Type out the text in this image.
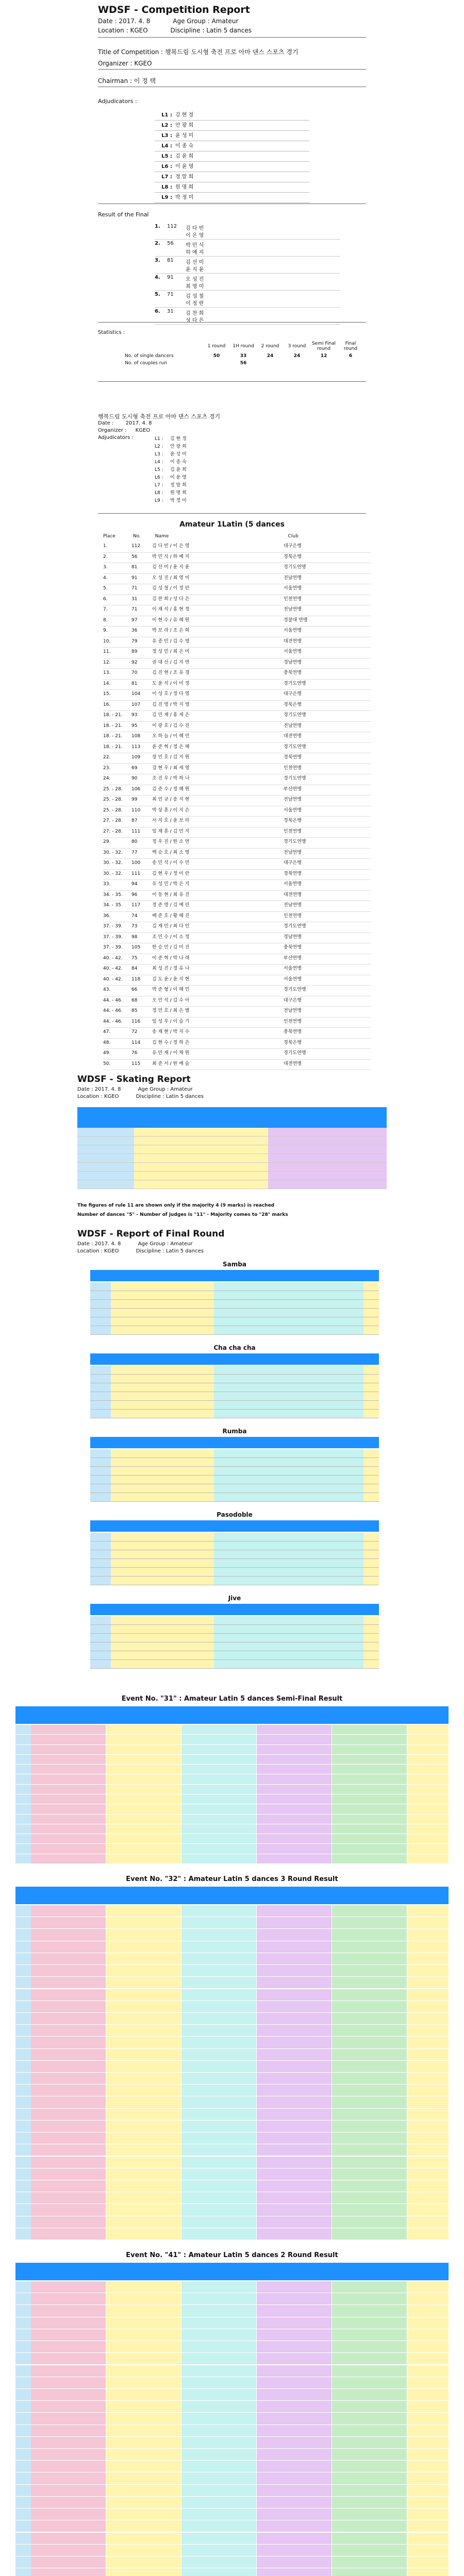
WDSF - Competition Report
Date : 2017. 4. 8	Age Group : Amateur
Location : KGEO	Discipline : Latin 5 dances
Title of Competition : 행복드림 도시형 축전 프로 아마 댄스 스포츠 경기
Organizer : KGEO
Chairman : 이 정 택
Adjudicators :
L1 : 김 현 정
L2 : 안 광 희
L3 : 윤 성 미
L4 : 이 종 숙
L5 : 김 윤 희
L6 : 이 윤 영
L7 : 정 말 희
L8 : 원 명 희
L9 : 박 정 미
Result of the Final
1.	112 김 다 빈
이 은 영
2.	56 박 민 식
하 예 지
3.	81 김 선 미
윤 지 윤
4.	91 오 성 진
최 영 미
5.	71 김 성 철
이 정 란
6.	31 김 찬 희
성 다 은
Statistics :
	1 round	1H round	2 round	3 round	Semi Final round	Final round
No. of single dancers	50	33	24	24	12	6
No. of couples run		56				
행복드림 도시형 축전 프로 아마 댄스 스포츠 경기
Date : 2017. 4. 8
Organizer : KGEO
Adjudicators :	L1 : 김 현 정
L2 : 안 광 희
L3 : 윤 성 미
L4 : 이 종 숙
L5 : 김 윤 희
L6 : 이 윤 영
L7 : 정 말 희
L8 : 원 명 희
L9 : 박 정 미
Amateur 1Latin (5 dances
Place	No.	Name	Club
1.	112	김 다 빈 / 이 은 영	대구은행
2.	56	박 민 식 / 하 예 지	경북은행
3.	81	김 선 미 / 윤 지 윤	경기도연맹
4.	91	오 성 진 / 최 영 미	전남연맹
5.	71	김 성 철 / 이 정 란	서울연맹
6.	31	김 찬 희 / 성 다 은	인천연맹
7.	71	이 재 석 / 홍 현 정	전남연맹
8.	97	이 현 수 / 유 혜 원	경찰대 연맹
9.	36	박 보 라 / 조 은 희	서울연맹
10.	79	유 종 민 / 김 수 영	대전연맹
11.	89	정 성 민 / 최 은 미	서울연맹
12.	92	권 대 선 / 김 지 연	경남연맹
13.	70	김 진 현 / 조 유 경	충북연맹
14.	81	도 윤 석 / 이 미 정	경기도연맹
15.	104	이 성 호 / 정 다 영	대구은행
16.	107	김 진 영 / 박 지 영	경북은행
18. - 21. 93	김 민 재 / 홍 세 은	경기도연맹
18. - 21. 95	이 광 호 / 김 수 진	전남연맹
18. - 21. 108	오 하 늘 / 이 혜 민	대전연맹
18. - 21. 113	윤 준 혁 / 정 은 혜	경기도연맹
22.	109	장 민 호 / 김 지 원	경북연맹
23.	69	강 현 우 / 최 세 영	인천연맹
24.	90	조 진 우 / 박 하 나	경기도연맹
25. - 28. 106	김 준 수 / 정 혜 원	부산연맹
25. - 28. 99	최 민 규 / 송 지 현	전남연맹
25. - 28. 110	박 상 훈 / 이 지 은	서울연맹
27. - 28. 87	서 지 호 / 윤 보 라	경북은행
27. - 28. 111	임 재 훈 / 김 민 지	인천연맹
29.	80	정 우 진 / 한 소 연	경기도연맹
30. - 32. 77	백 승 호 / 최 소 영	전남연맹
30. - 32. 100	송 민 석 / 이 수 민	대구은행
30. - 32. 111	김 현 우 / 정 미 란	경북연맹
33.	94	유 성 민 / 박 은 지	서울연맹
34. - 35. 96	이 동 현 / 최 유 진	대전연맹
34. - 35. 117	정 준 영 / 김 예 린	전남연맹
36.	74	배 준 호 / 황 혜 진	인천연맹
37. - 39. 73	김 재 민 / 최 다 인	경기도연맹
37. - 39. 98	조 민 수 / 이 소 정	경남연맹
37. - 39. 105	한 승 민 / 김 미 진	충북연맹
40. - 42. 75	이 준 혁 / 박 나 래	부산연맹
40. - 42. 84	최 성 진 / 정 유 나	서울연맹
40. - 42. 118	김 도 윤 / 윤 지 현	서울연맹
43.	66	박 준 형 / 이 혜 인	경기도연맹
44. - 46. 68	오 민 석 / 김 수 아	대구은행
44. - 46. 85	정 민 호 / 최 은 별	전남연맹
44. - 46. 116	임 성 우 / 이 슬 기	인천연맹
47.	72	송 재 현 / 박 지 수	충북연맹
48.	114	김 현 수 / 정 하 은	경북은행
49.	76	유 민 재 / 이 채 원	경기도연맹
50.	115	최 준 서 / 한 예 슬	대전연맹
WDSF - Skating Report
Date : 2017. 4. 8	Age Group : Amateur
Location : KGEO	Discipline : Latin 5 dances
The figures of rule 11 are shown only if the majority 4 (9 marks) is reached
Number of dances "5" - Number of judges is "11" - Majority comes to "28" marks
WDSF - Report of Final Round
Date : 2017. 4. 8	Age Group : Amateur
Location : KGEO	Discipline : Latin 5 dances
Samba
Cha cha cha
Rumba
Pasodoble
Jive
Event No. "31" : Amateur Latin 5 dances Semi-Final Result
Event No. "32" : Amateur Latin 5 dances 3 Round Result
Event No. "41" : Amateur Latin 5 dances 2 Round Result
